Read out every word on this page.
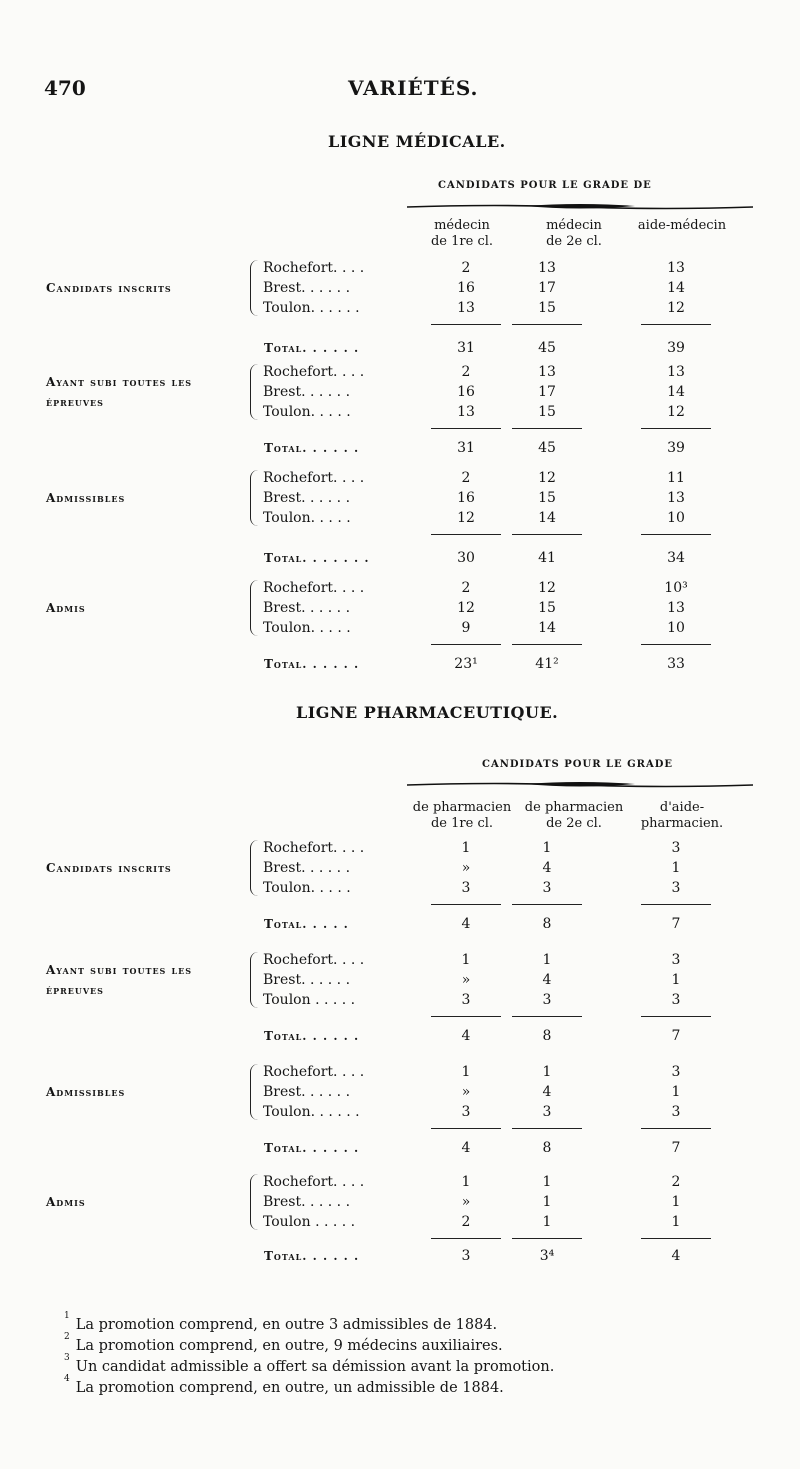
470	VARIÉTÉS.
LIGNE MÉDICALE.
CANDIDATS POUR LE GRADE DE
médecin
de 1re cl.
médecin
de 2e cl.
aide-médecin
Candidats inscrits
Rochefort. . . .	2	13	13
Brest. . . . . .	16	17	14
Toulon. . . . . .	13	15	12
Total. . . . . .	31	45	39
Ayant subi toutes les
épreuves
Rochefort. . . .	2	13	13
Brest. . . . . .	16	17	14
Toulon. . . . .	13	15	12
Total. . . . . .	31	45	39
Admissibles
Rochefort. . . .	2	12	11
Brest. . . . . .	16	15	13
Toulon. . . . .	12	14	10
Total. . . . . . .	30	41	34
Admis
Rochefort. . . .	2	12	10³
Brest. . . . . .	12	15	13
Toulon. . . . .	9	14	10
Total. . . . . .	23¹	41²	33
LIGNE PHARMACEUTIQUE.
CANDIDATS POUR LE GRADE
de pharmacien
de 1re cl.
de pharmacien
de 2e cl.
d'aide-
pharmacien.
Candidats inscrits
Rochefort. . . .	1	1	3
Brest. . . . . .	»	4	1
Toulon. . . . .	3	3	3
Total. . . . .	4	8	7
Ayant subi toutes les
épreuves
Rochefort. . . .	1	1	3
Brest. . . . . .	»	4	1
Toulon . . . . .	3	3	3
Total. . . . . .	4	8	7
Admissibles
Rochefort. . . .	1	1	3
Brest. . . . . .	»	4	1
Toulon. . . . . .	3	3	3
Total. . . . . .	4	8	7
Admis
Rochefort. . . .	1	1	2
Brest. . . . . .	»	1	1
Toulon . . . . .	2	1	1
Total. . . . . .	3	3⁴	4
$^1$La promotion comprend, en outre 3 admissibles de 1884.
$^2$La promotion comprend, en outre, 9 médecins auxiliaires.
$^3$Un candidat admissible a offert sa démission avant la promotion.
$^4$La promotion comprend, en outre, un admissible de 1884.
